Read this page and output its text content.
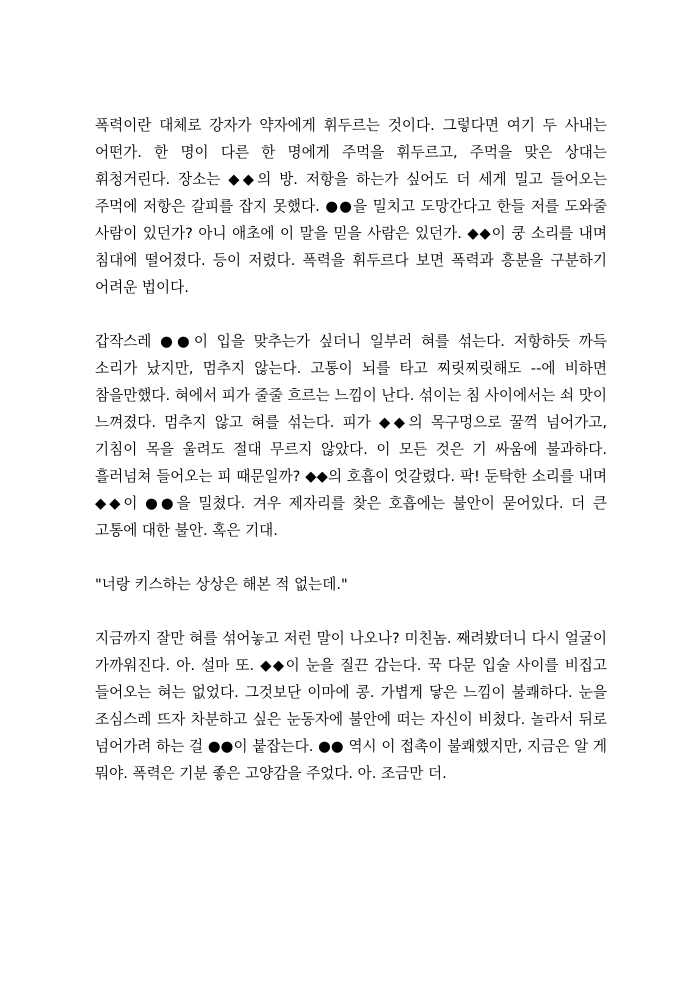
폭력이란 대체로 강자가 약자에게 휘두르는 것이다. 그렇다면 여기 두 사내는 어떤가. 한 명이 다른 한 명에게 주먹을 휘두르고, 주먹을 맞은 상대는 휘청거린다. 장소는 ◆◆의 방. 저항을 하는가 싶어도 더 세게 밀고 들어오는 주먹에 저항은 갈피를 잡지 못했다. ●●을 밀치고 도망간다고 한들 저를 도와줄 사람이 있던가? 아니 애초에 이 말을 믿을 사람은 있던가. ◆◆이 쿵 소리를 내며 침대에 떨어졌다. 등이 저렸다. 폭력을 휘두르다 보면 폭력과 흥분을 구분하기 어려운 법이다.

갑작스레 ●●이 입을 맞추는가 싶더니 일부러 혀를 섞는다. 저항하듯 까득 소리가 났지만, 멈추지 않는다. 고통이 뇌를 타고 찌릿찌릿해도 --에 비하면 참을만했다. 혀에서 피가 줄줄 흐르는 느낌이 난다. 섞이는 침 사이에서는 쇠 맛이 느껴졌다. 멈추지 않고 혀를 섞는다. 피가 ◆◆의 목구멍으로 꿀꺽 넘어가고, 기침이 목을 울려도 절대 무르지 않았다. 이 모든 것은 기 싸움에 불과하다. 흘러넘쳐 들어오는 피 때문일까? ◆◆의 호흡이 엇갈렸다. 팍! 둔탁한 소리를 내며 ◆◆이 ●●을 밀쳤다. 겨우 제자리를 찾은 호흡에는 불안이 묻어있다. 더 큰 고통에 대한 불안. 혹은 기대.

"너랑 키스하는 상상은 해본 적 없는데."

지금까지 잘만 혀를 섞어놓고 저런 말이 나오나? 미친놈. 째려봤더니 다시 얼굴이 가까워진다. 아. 설마 또. ◆◆이 눈을 질끈 감는다. 꾹 다문 입술 사이를 비집고 들어오는 혀는 없었다. 그것보단 이마에 콩. 가볍게 닿은 느낌이 불쾌하다. 눈을 조심스레 뜨자 차분하고 싶은 눈동자에 불안에 떠는 자신이 비쳤다. 놀라서 뒤로 넘어가려 하는 걸 ●●이 붙잡는다. ●● 역시 이 접촉이 불쾌했지만, 지금은 알 게 뭐야. 폭력은 기분 좋은 고양감을 주었다. 아. 조금만 더.
